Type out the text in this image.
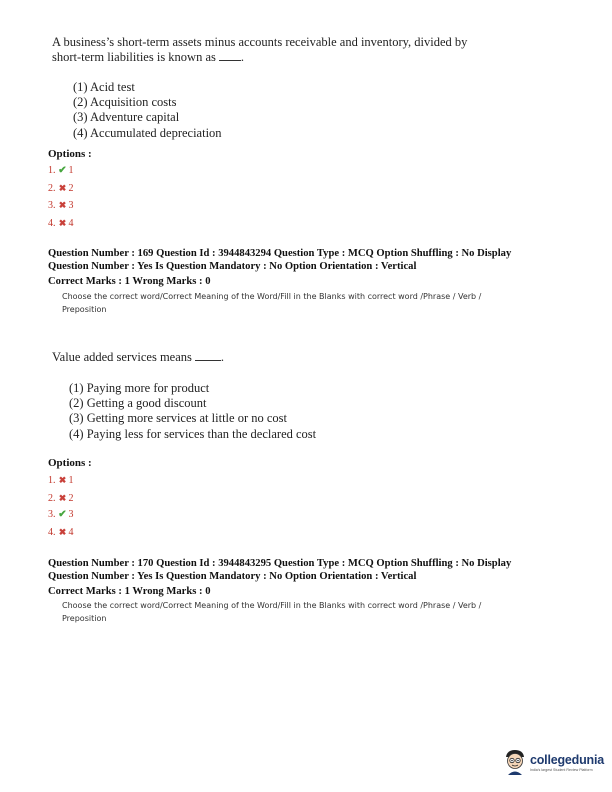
A business’s short-term assets minus accounts receivable and inventory, divided by
short-term liabilities is known as .
(1) Acid test
(2) Acquisition costs
(3) Adventure capital
(4) Accumulated depreciation
Options :
1. ✔ 1
2. ✖ 2
3. ✖ 3
4. ✖ 4
Question Number : 169 Question Id : 3944843294 Question Type : MCQ Option Shuffling : No Display
Question Number : Yes Is Question Mandatory : No Option Orientation : Vertical
Correct Marks : 1 Wrong Marks : 0
Choose the correct word/Correct Meaning of the Word/Fill in the Blanks with correct word /Phrase / Verb /
Preposition
Value added services means .
(1) Paying more for product
(2) Getting a good discount
(3) Getting more services at little or no cost
(4) Paying less for services than the declared cost
Options :
1. ✖ 1
2. ✖ 2
3. ✔ 3
4. ✖ 4
Question Number : 170 Question Id : 3944843295 Question Type : MCQ Option Shuffling : No Display
Question Number : Yes Is Question Mandatory : No Option Orientation : Vertical
Correct Marks : 1 Wrong Marks : 0
Choose the correct word/Correct Meaning of the Word/Fill in the Blanks with correct word /Phrase / Verb /
Preposition
collegedunia
India's largest Student Review Platform
